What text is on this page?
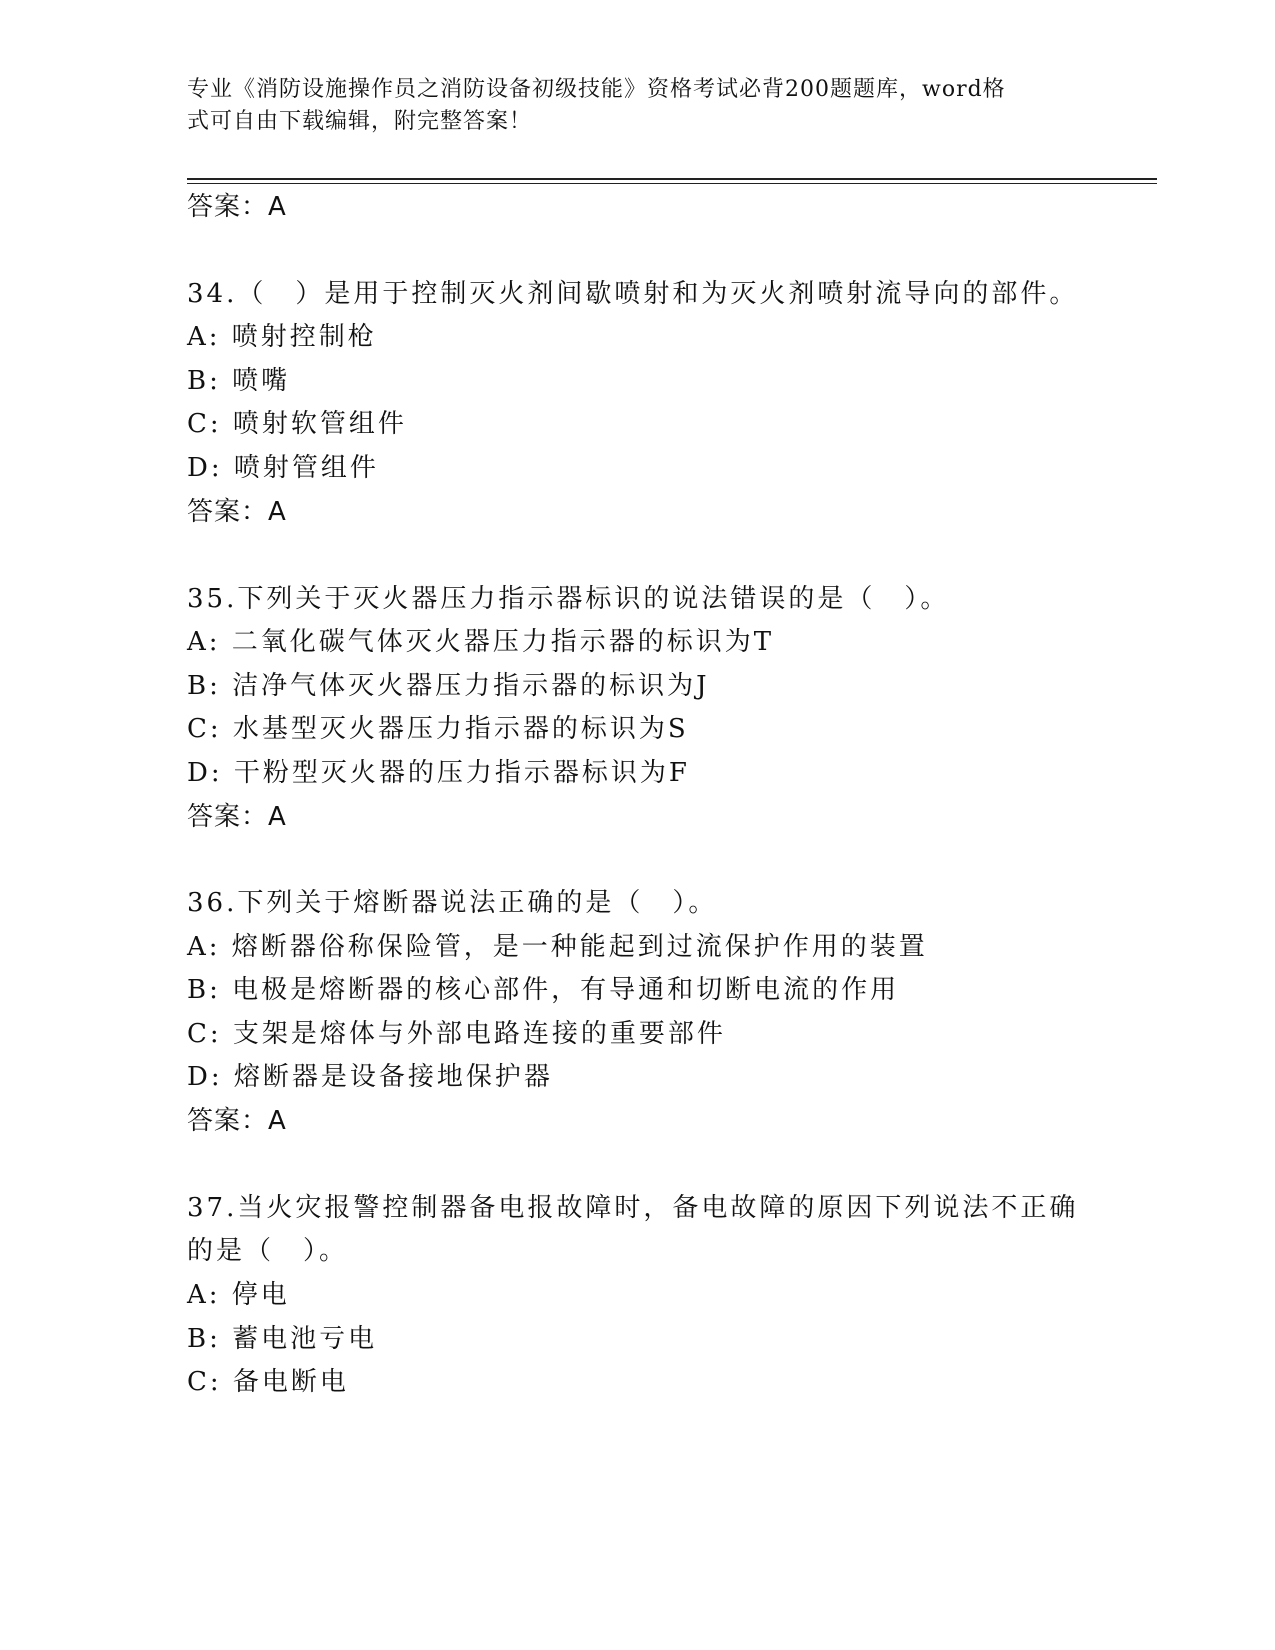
专业《消防设施操作员之消防设备初级技能》资格考试必背200题题库，word格
式可自由下载编辑，附完整答案！
答案：A
34.（　）是用于控制灭火剂间歇喷射和为灭火剂喷射流导向的部件。
A: 喷射控制枪
B: 喷嘴
C: 喷射软管组件
D: 喷射管组件
答案：A
35.下列关于灭火器压力指示器标识的说法错误的是（　）。
A: 二氧化碳气体灭火器压力指示器的标识为T
B: 洁净气体灭火器压力指示器的标识为J
C: 水基型灭火器压力指示器的标识为S
D: 干粉型灭火器的压力指示器标识为F
答案：A
36.下列关于熔断器说法正确的是（　）。
A: 熔断器俗称保险管，是一种能起到过流保护作用的装置
B: 电极是熔断器的核心部件，有导通和切断电流的作用
C: 支架是熔体与外部电路连接的重要部件
D: 熔断器是设备接地保护器
答案：A
37.当火灾报警控制器备电报故障时，备电故障的原因下列说法不正确
的是（　）。
A: 停电
B: 蓄电池亏电
C: 备电断电
